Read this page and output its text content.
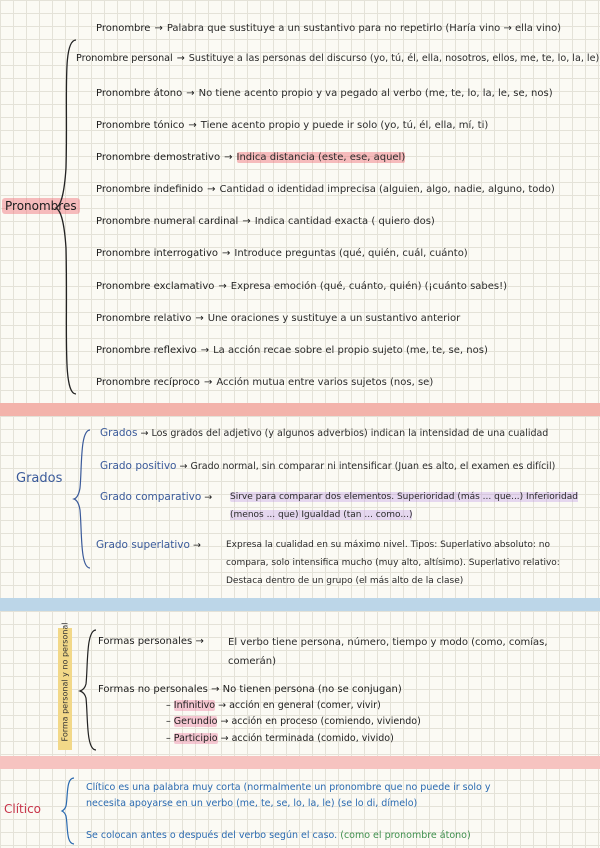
Pronombres
Pronombre → Palabra que sustituye a un sustantivo para no repetirlo (Haría vino → ella vino)
Pronombre personal → Sustituye a las personas del discurso (yo, tú, él, ella, nosotros, ellos, me, te, lo, la, le)
Pronombre átono → No tiene acento propio y va pegado al verbo (me, te, lo, la, le, se, nos)
Pronombre tónico → Tiene acento propio y puede ir solo (yo, tú, él, ella, mí, ti)
Pronombre demostrativo → Indica distancia (este, ese, aquel)
Pronombre indefinido → Cantidad o identidad imprecisa (alguien, algo, nadie, alguno, todo)
Pronombre numeral cardinal → Indica cantidad exacta ( quiero dos)
Pronombre interrogativo → Introduce preguntas (qué, quién, cuál, cuánto)
Pronombre exclamativo → Expresa emoción (qué, cuánto, quién) (¡cuánto sabes!)
Pronombre relativo → Une oraciones y sustituye a un sustantivo anterior
Pronombre reflexivo → La acción recae sobre el propio sujeto (me, te, se, nos)
Pronombre recíproco → Acción mutua entre varios sujetos (nos, se)
Grados
Grados → Los grados del adjetivo (y algunos adverbios) indican la intensidad de una cualidad
Grado positivo → Grado normal, sin comparar ni intensificar (Juan es alto, el examen es difícil)
Grado comparativo → Sirve para comparar dos elementos. Superioridad (más ... que...) Inferioridad (menos ... que) Igualdad (tan ... como...)
Grado superlativo →	Expresa la cualidad en su máximo nivel. Tipos: Superlativo absoluto: no compara, solo intensifica mucho (muy alto, altísimo). Superlativo relativo: Destaca dentro de un grupo (el más alto de la clase)
Forma personal y no personal	Formas personales → El verbo tiene persona, número, tiempo y modo (como, comías, comerán)
Formas no personales → No tienen persona (no se conjugan)
– Infinitivo → acción en general (comer, vivir)
– Gerundio → acción en proceso (comiendo, viviendo)
– Participio → acción terminada (comido, vivido)
Clítico
Clítico es una palabra muy corta (normalmente un pronombre que no puede ir solo y necesita apoyarse en un verbo (me, te, se, lo, la, le) (se lo di, dímelo)
Se colocan antes o después del verbo según el caso. (como el pronombre átono)
